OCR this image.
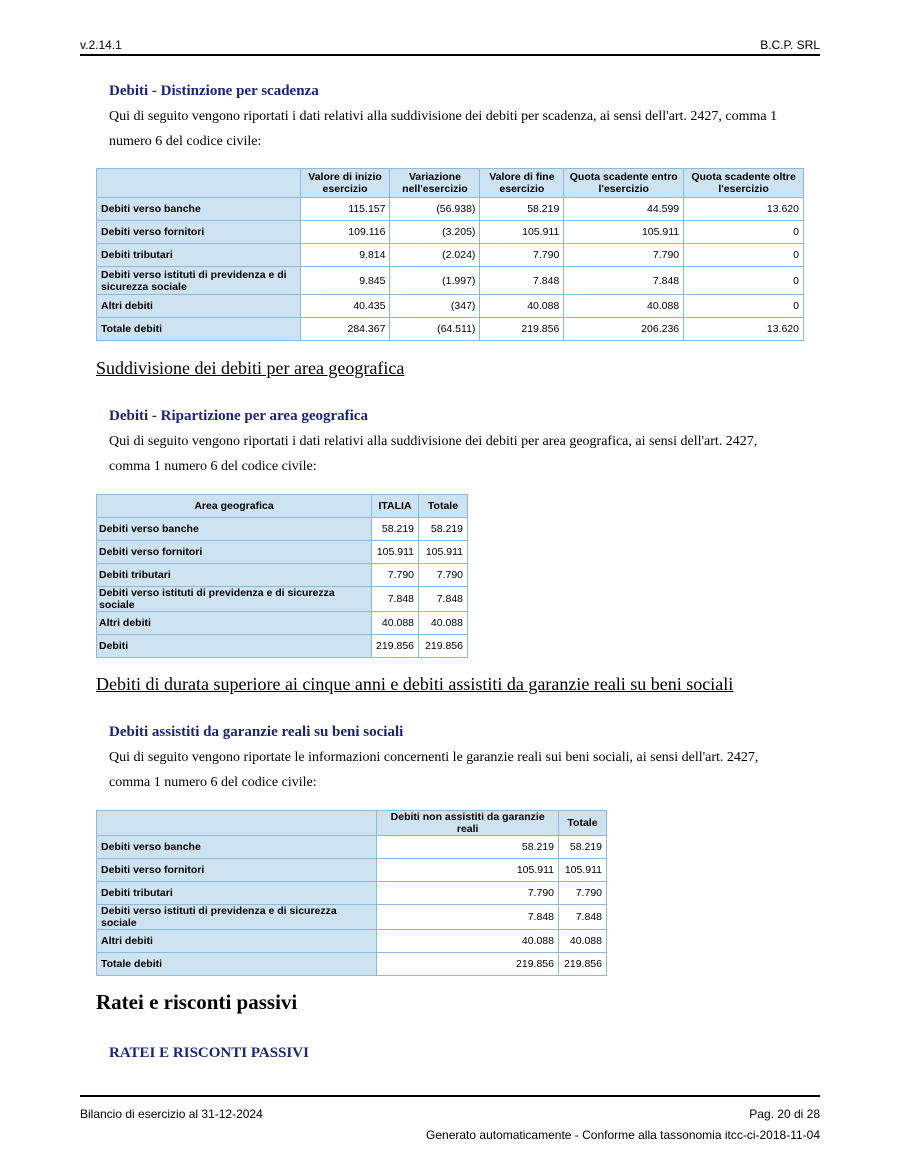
v.2.14.1	B.C.P. SRL
Debiti - Distinzione per scadenza
Qui di seguito vengono riportati i dati relativi alla suddivisione dei debiti per scadenza, ai sensi dell'art. 2427, comma 1 numero 6 del codice civile:
	Valore di inizio esercizio	Variazione nell'esercizio	Valore di fine esercizio	Quota scadente entro l'esercizio	Quota scadente oltre l'esercizio
Debiti verso banche	115.157	(56.938)	58.219	44.599	13.620
Debiti verso fornitori	109.116	(3.205)	105.911	105.911	0
Debiti tributari	9.814	(2.024)	7.790	7.790	0
Debiti verso istituti di previdenza e di sicurezza sociale	9.845	(1.997)	7.848	7.848	0
Altri debiti	40.435	(347)	40.088	40.088	0
Totale debiti	284.367	(64.511)	219.856	206.236	13.620
Suddivisione dei debiti per area geografica
Debiti - Ripartizione per area geografica
Qui di seguito vengono riportati i dati relativi alla suddivisione dei debiti per area geografica, ai sensi dell'art. 2427, comma 1 numero 6 del codice civile:
Area geografica	ITALIA	Totale
Debiti verso banche	58.219	58.219
Debiti verso fornitori	105.911	105.911
Debiti tributari	7.790	7.790
Debiti verso istituti di previdenza e di sicurezza sociale	7.848	7.848
Altri debiti	40.088	40.088
Debiti	219.856	219.856
Debiti di durata superiore ai cinque anni e debiti assistiti da garanzie reali su beni sociali
Debiti assistiti da garanzie reali su beni sociali
Qui di seguito vengono riportate le informazioni concernenti le garanzie reali sui beni sociali, ai sensi dell'art. 2427, comma 1 numero 6 del codice civile:
	Debiti non assistiti da garanzie reali	Totale
Debiti verso banche	58.219	58.219
Debiti verso fornitori	105.911	105.911
Debiti tributari	7.790	7.790
Debiti verso istituti di previdenza e di sicurezza sociale	7.848	7.848
Altri debiti	40.088	40.088
Totale debiti	219.856	219.856
Ratei e risconti passivi
RATEI E RISCONTI PASSIVI
Bilancio di esercizio al 31-12-2024	Pag. 20 di 28
Generato automaticamente - Conforme alla tassonomia itcc-ci-2018-11-04
